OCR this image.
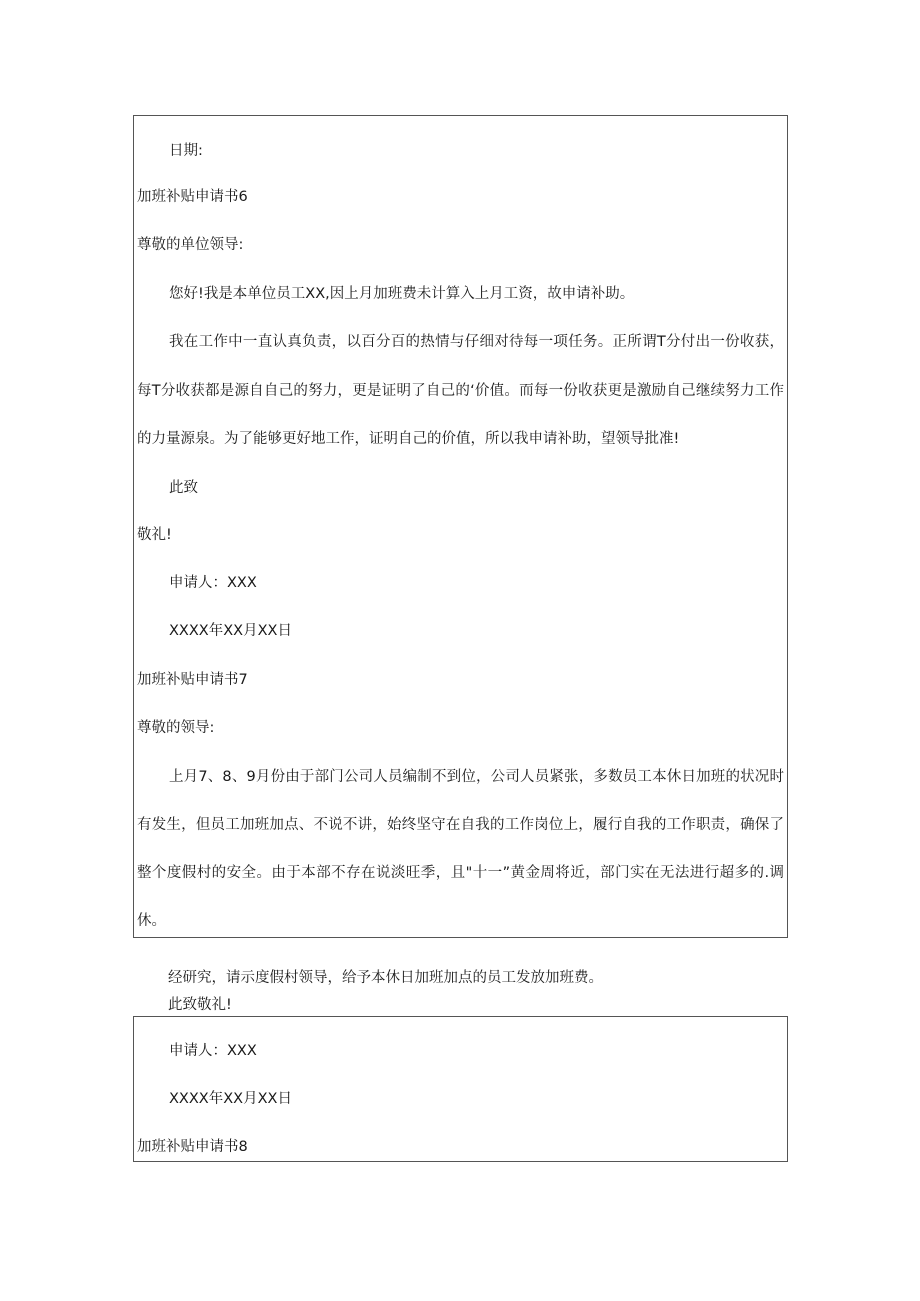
日期:
加班补贴申请书6
尊敬的单位领导:
您好!我是本单位员工XX,因上月加班费未计算入上月工资，故申请补助。
我在工作中一直认真负责，以百分百的热情与仔细对待每一项任务。正所谓T分付出一份收获，
每T分收获都是源自自己的努力，更是证明了自己的‘价值。而每一份收获更是激励自己继续努力工作
的力量源泉。为了能够更好地工作，证明自己的价值，所以我申请补助，望领导批准!
此致
敬礼!
申请人：XXX
XXXX年XX月XX日
加班补贴申请书7
尊敬的领导:
上月7、8、9月份由于部门公司人员编制不到位，公司人员紧张，多数员工本休日加班的状况时
有发生，但员工加班加点、不说不讲，始终坚守在自我的工作岗位上，履行自我的工作职责，确保了
整个度假村的安全。由于本部不存在说淡旺季，且"十一”黄金周将近，部门实在无法进行超多的.调
休。
经研究，请示度假村领导，给予本休日加班加点的员工发放加班费。
此致敬礼!
申请人：XXX
XXXX年XX月XX日
加班补贴申请书8
